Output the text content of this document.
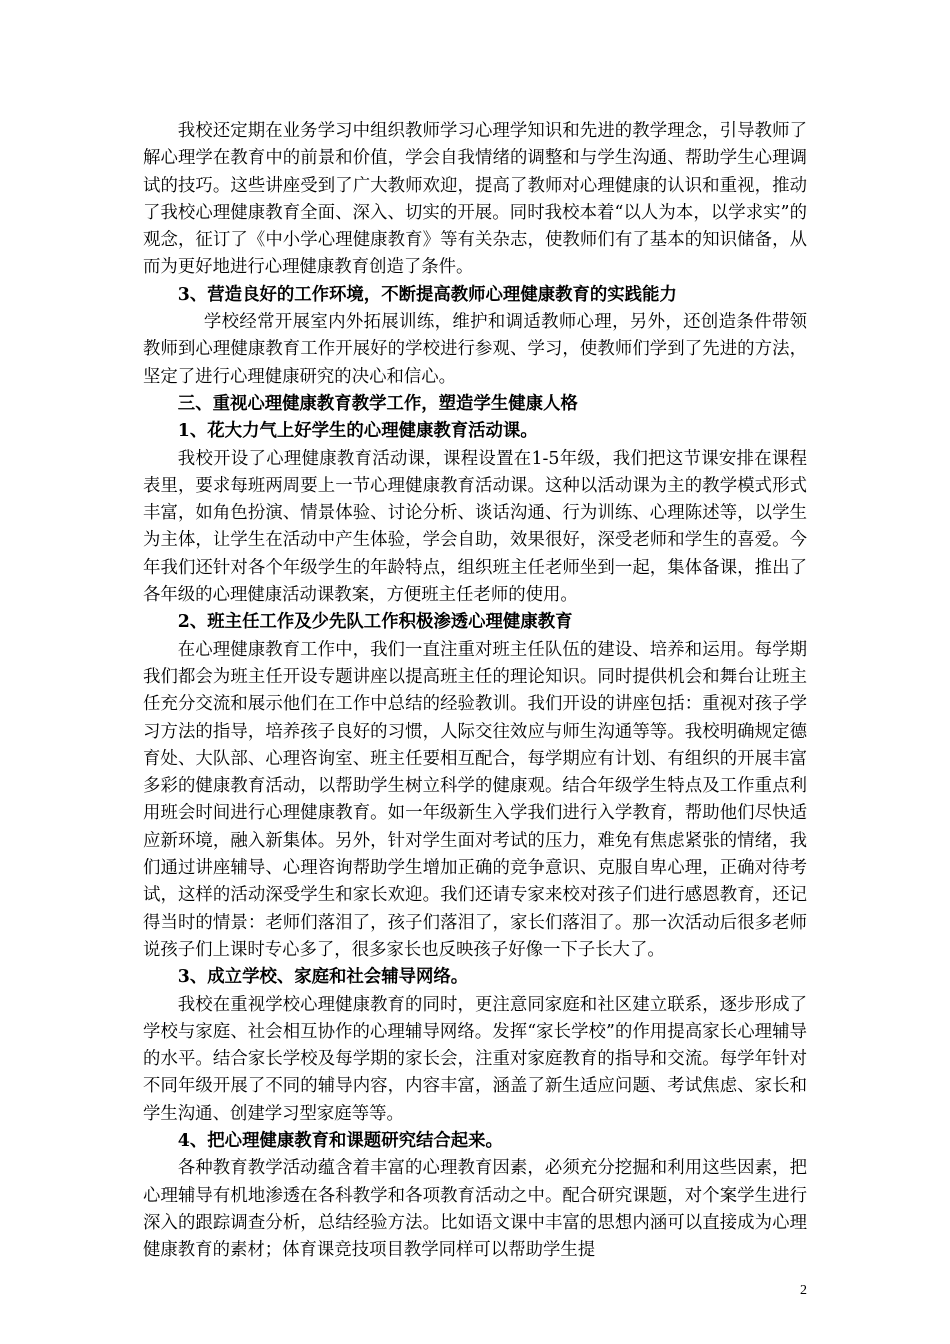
我校还定期在业务学习中组织教师学习心理学知识和先进的教学理念，引导教师了解心理学在教育中的前景和价值，学会自我情绪的调整和与学生沟通、帮助学生心理调试的技巧。这些讲座受到了广大教师欢迎，提高了教师对心理健康的认识和重视，推动了我校心理健康教育全面、深入、切实的开展。同时我校本着“以人为本，以学求实”的观念，征订了《中小学心理健康教育》等有关杂志，使教师们有了基本的知识储备，从而为更好地进行心理健康教育创造了条件。

3、营造良好的工作环境，不断提高教师心理健康教育的实践能力

学校经常开展室内外拓展训练，维护和调适教师心理，另外，还创造条件带领教师到心理健康教育工作开展好的学校进行参观、学习，使教师们学到了先进的方法，坚定了进行心理健康研究的决心和信心。

三、重视心理健康教育教学工作，塑造学生健康人格

1、花大力气上好学生的心理健康教育活动课。

我校开设了心理健康教育活动课，课程设置在1-5年级，我们把这节课安排在课程表里，要求每班两周要上一节心理健康教育活动课。这种以活动课为主的教学模式形式丰富，如角色扮演、情景体验、讨论分析、谈话沟通、行为训练、心理陈述等，以学生为主体，让学生在活动中产生体验，学会自助，效果很好，深受老师和学生的喜爱。今年我们还针对各个年级学生的年龄特点，组织班主任老师坐到一起，集体备课，推出了各年级的心理健康活动课教案，方便班主任老师的使用。

2、班主任工作及少先队工作积极渗透心理健康教育

在心理健康教育工作中，我们一直注重对班主任队伍的建设、培养和运用。每学期我们都会为班主任开设专题讲座以提高班主任的理论知识。同时提供机会和舞台让班主任充分交流和展示他们在工作中总结的经验教训。我们开设的讲座包括：重视对孩子学习方法的指导，培养孩子良好的习惯，人际交往效应与师生沟通等等。我校明确规定德育处、大队部、心理咨询室、班主任要相互配合，每学期应有计划、有组织的开展丰富多彩的健康教育活动，以帮助学生树立科学的健康观。结合年级学生特点及工作重点利用班会时间进行心理健康教育。如一年级新生入学我们进行入学教育，帮助他们尽快适应新环境，融入新集体。另外，针对学生面对考试的压力，难免有焦虑紧张的情绪，我们通过讲座辅导、心理咨询帮助学生增加正确的竞争意识、克服自卑心理，正确对待考试，这样的活动深受学生和家长欢迎。我们还请专家来校对孩子们进行感恩教育，还记得当时的情景：老师们落泪了，孩子们落泪了，家长们落泪了。那一次活动后很多老师说孩子们上课时专心多了，很多家长也反映孩子好像一下子长大了。

3、成立学校、家庭和社会辅导网络。

我校在重视学校心理健康教育的同时，更注意同家庭和社区建立联系，逐步形成了学校与家庭、社会相互协作的心理辅导网络。发挥“家长学校”的作用提高家长心理辅导的水平。结合家长学校及每学期的家长会，注重对家庭教育的指导和交流。每学年针对不同年级开展了不同的辅导内容，内容丰富，涵盖了新生适应问题、考试焦虑、家长和学生沟通、创建学习型家庭等等。

4、把心理健康教育和课题研究结合起来。

各种教育教学活动蕴含着丰富的心理教育因素，必须充分挖掘和利用这些因素，把心理辅导有机地渗透在各科教学和各项教育活动之中。配合研究课题，对个案学生进行深入的跟踪调查分析，总结经验方法。比如语文课中丰富的思想内涵可以直接成为心理健康教育的素材；体育课竞技项目教学同样可以帮助学生提

2
